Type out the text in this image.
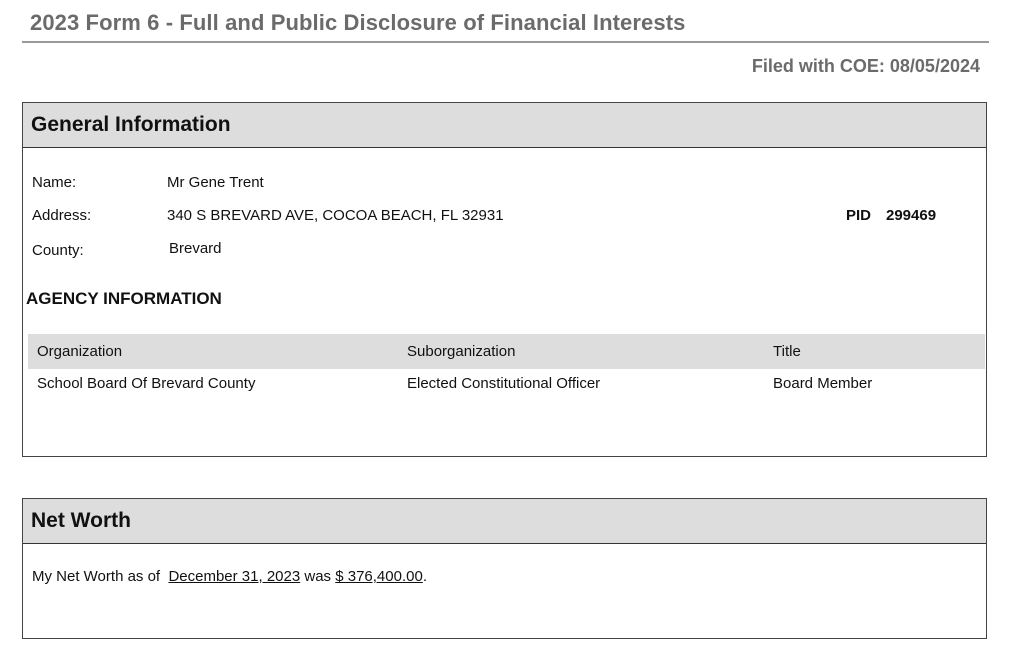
2023 Form 6 - Full and Public Disclosure of Financial Interests
Filed with COE: 08/05/2024
General Information
Name:	Mr Gene Trent
Address:	340 S BREVARD AVE, COCOA BEACH, FL 32931	PID 299469
County:	Brevard
AGENCY INFORMATION
Organization	Suborganization	Title
School Board Of Brevard County	Elected Constitutional Officer	Board Member
Net Worth
My Net Worth as of December 31, 2023 was $ 376,400.00.
